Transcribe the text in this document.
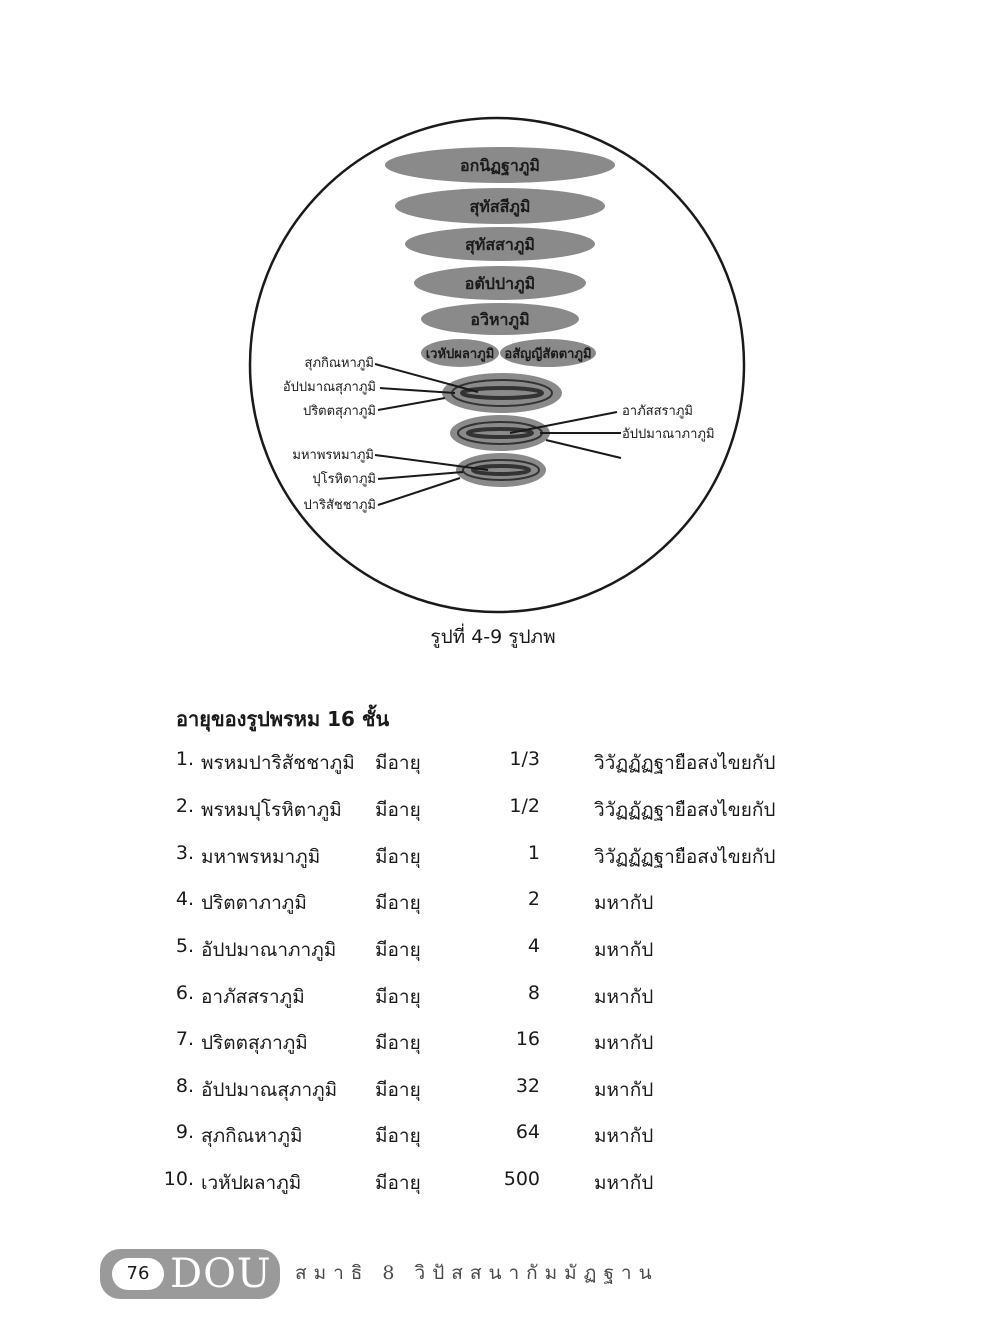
อกนิฏฐาภูมิ
สุทัสสีภูมิ
สุทัสสาภูมิ
อตัปปาภูมิ
อวิหาภูมิ
เวหัปผลาภูมิ อสัญญีสัตตาภูมิ
สุภกิณหาภูมิ
อัปปมาณสุภาภูมิ
ปริตตสุภาภูมิ	อาภัสสราภูมิ
อัปปมาณาภาภูมิ
มหาพรหมาภูมิ
ปุโรหิตาภูมิ
ปาริสัชชาภูมิ
รูปที่ 4-9 รูปภพ
อายุของรูปพรหม 16 ชั้น
1. พรหมปาริสัชชาภูมิ มีอายุ	1/3	วิวัฏฏัฏฐายือสงไขยกัป
2. พรหมปุโรหิตาภูมิ มีอายุ	1/2	วิวัฏฏัฏฐายือสงไขยกัป
3. มหาพรหมาภูมิ	มีอายุ	1	วิวัฏฏัฏฐายือสงไขยกัป
4. ปริตตาภาภูมิ	มีอายุ	2	มหากัป
5. อัปปมาณาภาภูมิ มีอายุ	4	มหากัป
6. อาภัสสราภูมิ	มีอายุ	8	มหากัป
7. ปริตตสุภาภูมิ	มีอายุ	16	มหากัป
8. อัปปมาณสุภาภูมิ มีอายุ	32	มหากัป
9. สุภกิณหาภูมิ	มีอายุ	64	มหากัป
10. เวหัปผลาภูมิ	มีอายุ	500	มหากัป
76 DOU สมาธิ 8 วิปัสสนากัมมัฏฐาน
